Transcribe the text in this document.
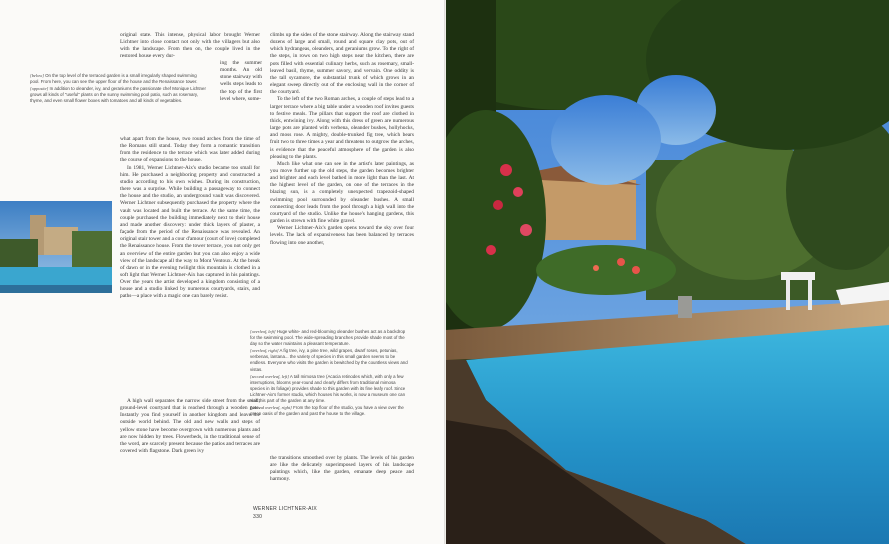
original state. This intense, physical labor brought Werner Lichtner into close contact not only with the villagers but also with the landscape. From then on, the couple lived in the restored house every dur-

[below] On the top level of the terraced garden is a small irregularly shaped swimming pool. From here, you can see the upper floor of the house and the Renaissance tower.

[opposite] In addition to oleander, ivy, and geraniums the passionate chef Monique Lichtner grows all kinds of "useful" plants on the sunny swimming pool patio, such as rosemary, thyme, and even small flower boxes with tomatoes and all kinds of vegetables.

ing the summer months. An old stone stairway with wells steps leads to the top of the first level where, some-

what apart from the house, two round arches from the time of the Romans still stand. Today they form a romantic transition from the residence to the terrace which was later added during the course of expansions to the house.

In 1981, Werner Lichtner-Aix's studio became too small for him. He purchased a neighboring property and constructed a studio according to his own wishes. During its construction, there was a surprise. While building a passageway to connect the house and the studio, an underground vault was discovered. Werner Lichtner subsequently purchased the property where the vault was located and built the terrace. At the same time, the couple purchased the building immediately next to their house and made another discovery: under thick layers of plaster, a façade from the period of the Renaissance was revealed. An original stair tower and a cour d'amour (court of love) completed the Renaissance house. From the tower terrace, you not only get an overview of the entire garden but you can also enjoy a wide view of the landscape all the way to Mont Ventoux. At the break of dawn or in the evening twilight this mountain is clothed in a soft light that Werner Lichtner-Aix has captured in his paintings. Over the years the artist developed a kingdom consisting of a house and a studio linked by numerous courtyards, stairs, and paths—a place with a magic one can barely resist.

A high wall separates the narrow side street from the small, ground-level courtyard that is reached through a wooden gate. Instantly you find yourself in another kingdom and leave the outside world behind. The old and new walls and steps of yellow stone have become overgrown with numerous plants and are now hidden by trees. Flowerbeds, in the traditional sense of the word, are scarcely present because the patios and terraces are covered with flagstone. Dark green ivy

climbs up the sides of the stone stairway. Along the stairway stand dozens of large and small, round and square clay pots, out of which hydrangeas, oleanders, and geraniums grow. To the right of the steps, in rows on two high steps near the kitchen, there are pots filled with essential culinary herbs, such as rosemary, small-leaved basil, thyme, summer savory, and vervain. One oddity is the tall sycamore, the substantial trunk of which grows in an elegant sweep directly out of the enclosing wall in the corner of the courtyard.

To the left of the two Roman arches, a couple of steps lead to a larger terrace where a big table under a wooden roof invites guests to festive meals. The pillars that support the roof are clothed in thick, entwining ivy. Along with this dress of green are numerous large pots are planted with verbena, oleander bushes, hollyhocks, and moss rose. A mighty, double-trunked fig tree, which bears fruit two to three times a year and threatens to outgrow the arches, is evidence that the peaceful atmosphere of the garden is also pleasing to the plants.

Much like what one can see in the artist's later paintings, as you move further up the old steps, the garden becomes brighter and brighter and each level bathed in more light than the last. At the highest level of the garden, on one of the terraces in the blazing sun, is a completely unexpected trapezoid-shaped swimming pool surrounded by oleander bushes. A small connecting door leads from the pool through a high wall into the courtyard of the studio. Unlike the house's hanging gardens, this garden is strewn with fine white gravel.

Werner Lichtner-Aix's garden opens toward the sky over four levels. The lack of expansiveness has been balanced by terraces flowing into one another,

[overleaf, left] Huge white- and red-blooming oleander bushes act as a backdrop for the swimming pool. The wide-spreading branches provide shade most of the day so the water maintains a pleasant temperature.

[overleaf, right] A fig tree, ivy, a pine tree, wild grapes, dwarf roses, petunias, verbenas, lantana... the variety of species in this small garden seems to be endless. Everyone who visits the garden is bewitched by the countless views and vistas.

[second overleaf, left] A tall mimosa tree (Acacia retinodes which, with only a few interruptions, blooms year-round and clearly differs from traditional mimosa species in its foliage) provides shade to this garden with its fine leafy roof. Since Lichtner-Aix's former studio, which houses his works, is now a museum one can visit this part of the garden at any time.

[second overleaf, right] From the top floor of the studio, you have a view over the green oasis of the garden and past the house to the village.

the transitions smoothed over by plants. The levels of his garden are like the delicately superimposed layers of his landscape paintings which, like the garden, emanate deep peace and harmony.

WERNER LICHTNER-AIX
330
